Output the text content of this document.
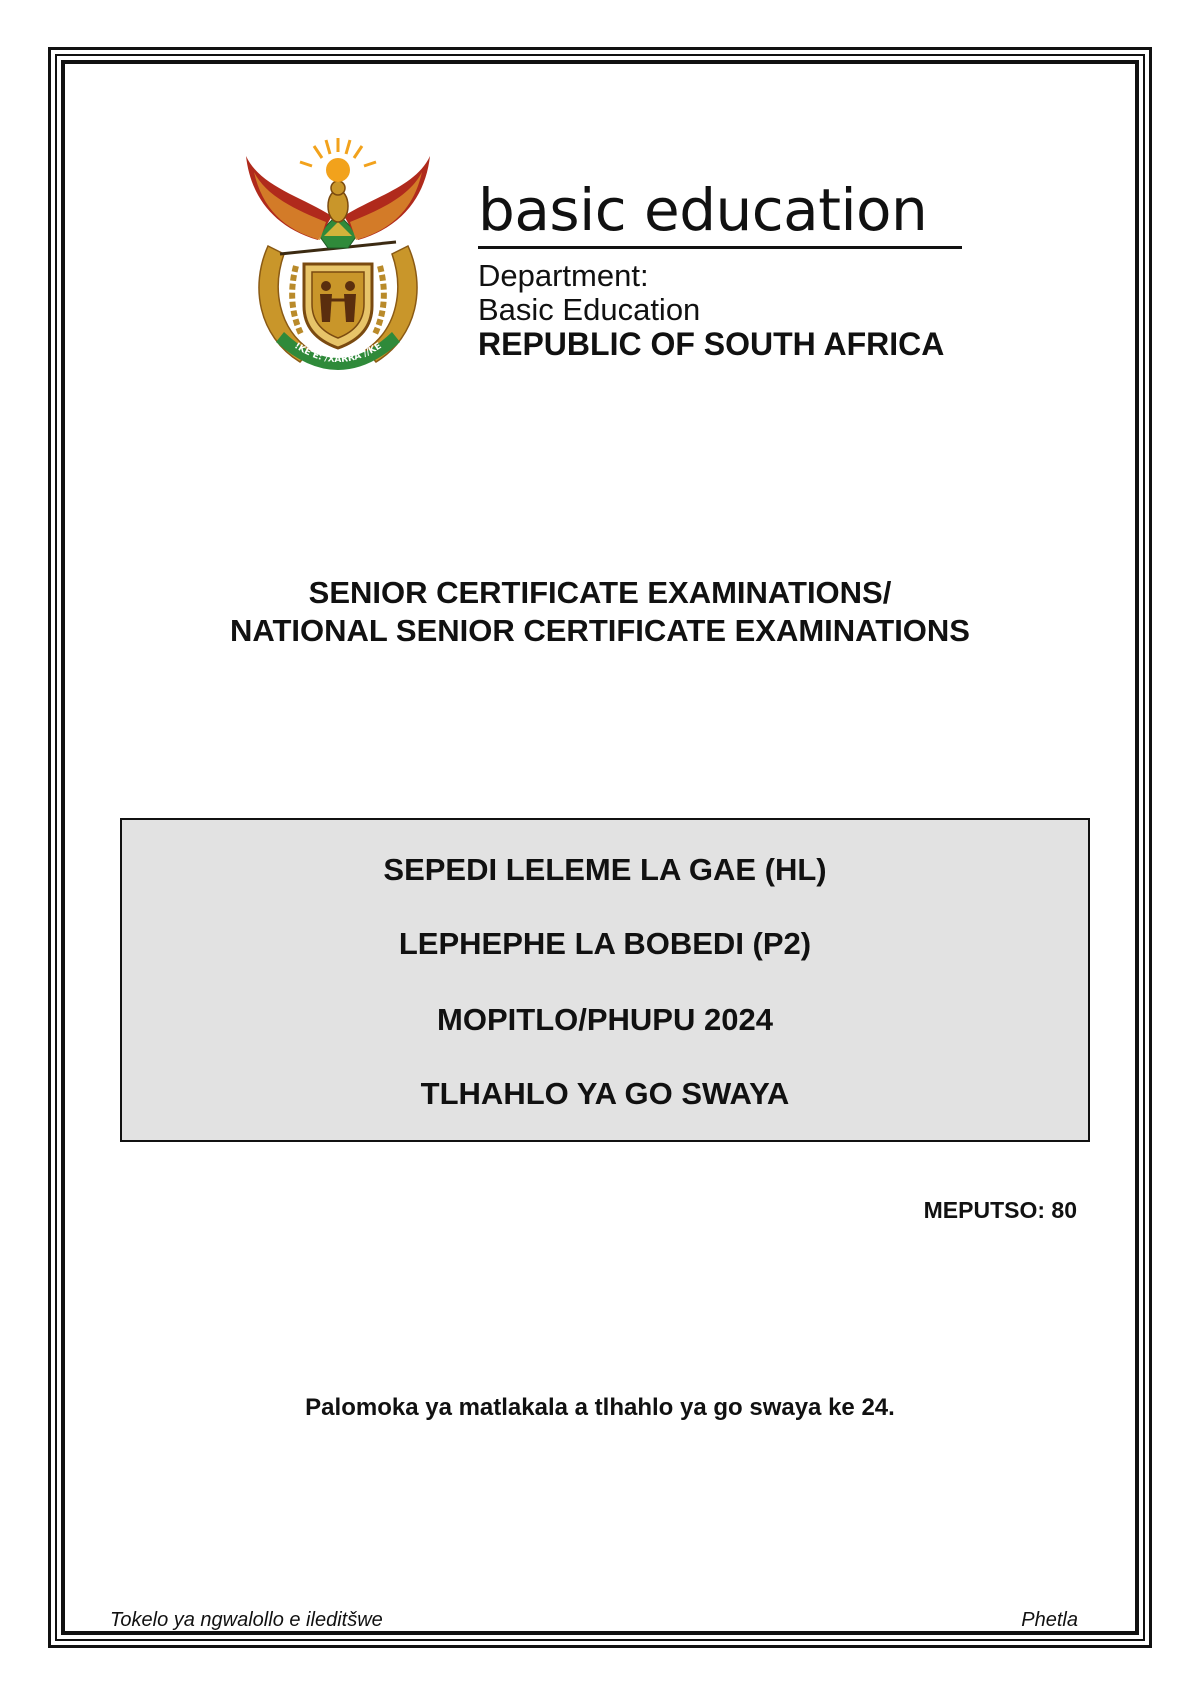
!KE E: /XARRA //KE
basic education
Department:
Basic Education
REPUBLIC OF SOUTH AFRICA
SENIOR CERTIFICATE EXAMINATIONS/
NATIONAL SENIOR CERTIFICATE EXAMINATIONS
SEPEDI LELEME LA GAE (HL)
LEPHEPHE LA BOBEDI (P2)
MOPITLO/PHUPU 2024
TLHAHLO YA GO SWAYA
MEPUTSO: 80
Palomoka ya matlakala a tlhahlo ya go swaya ke 24.
Tokelo ya ngwalollo e ileditšwe	Phetla
